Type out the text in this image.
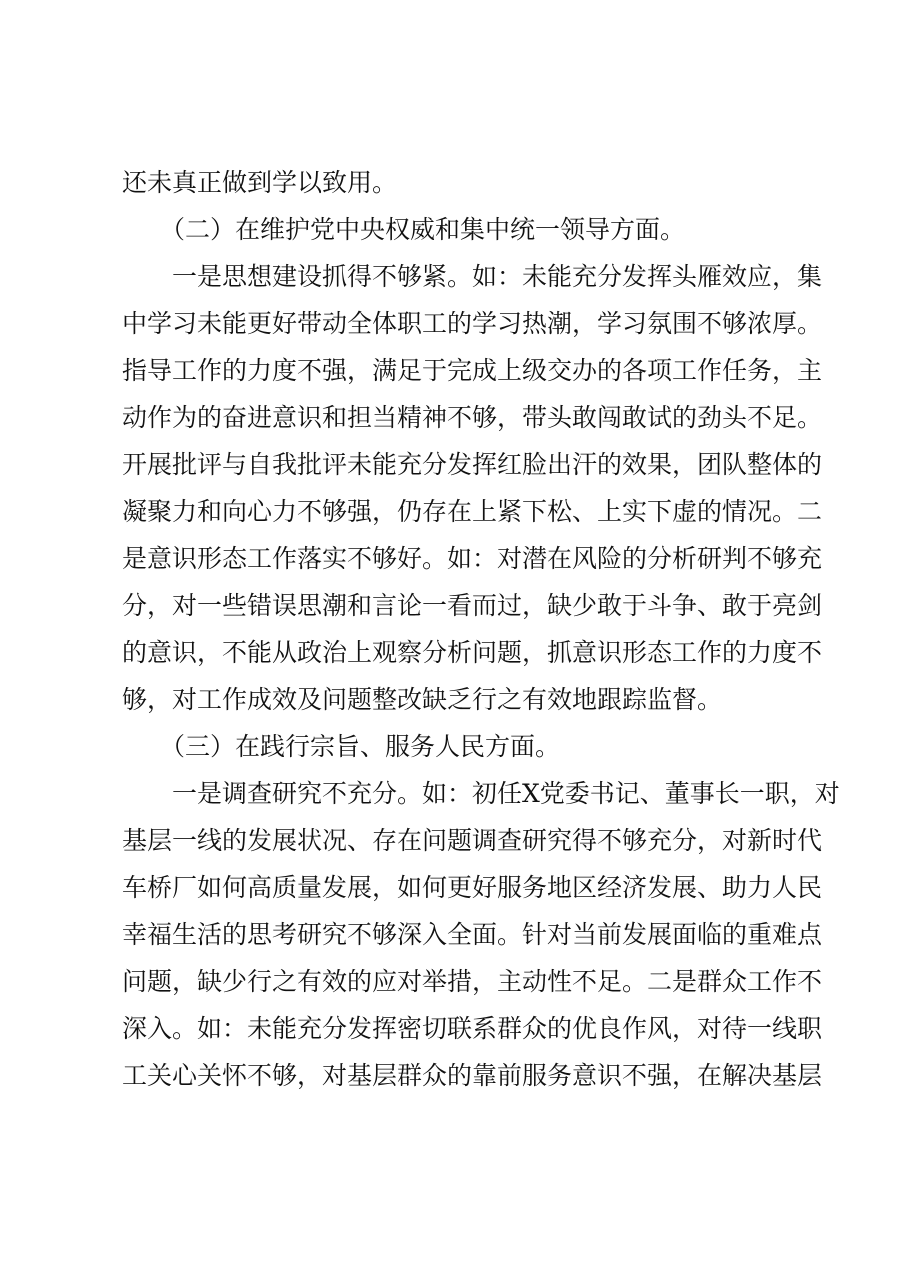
还未真正做到学以致用。
（二）在维护党中央权威和集中统一领导方面。
一是思想建设抓得不够紧。如：未能充分发挥头雁效应，集
中学习未能更好带动全体职工的学习热潮，学习氛围不够浓厚。
指导工作的力度不强，满足于完成上级交办的各项工作任务，主
动作为的奋进意识和担当精神不够，带头敢闯敢试的劲头不足。
开展批评与自我批评未能充分发挥红脸出汗的效果，团队整体的
凝聚力和向心力不够强，仍存在上紧下松、上实下虚的情况。二
是意识形态工作落实不够好。如：对潜在风险的分析研判不够充
分，对一些错误思潮和言论一看而过，缺少敢于斗争、敢于亮剑
的意识，不能从政治上观察分析问题，抓意识形态工作的力度不
够，对工作成效及问题整改缺乏行之有效地跟踪监督。
（三）在践行宗旨、服务人民方面。
一是调查研究不充分。如：初任X党委书记、董事长一职，对
基层一线的发展状况、存在问题调查研究得不够充分，对新时代
车桥厂如何高质量发展，如何更好服务地区经济发展、助力人民
幸福生活的思考研究不够深入全面。针对当前发展面临的重难点
问题，缺少行之有效的应对举措，主动性不足。二是群众工作不
深入。如：未能充分发挥密切联系群众的优良作风，对待一线职
工关心关怀不够，对基层群众的靠前服务意识不强，在解决基层
